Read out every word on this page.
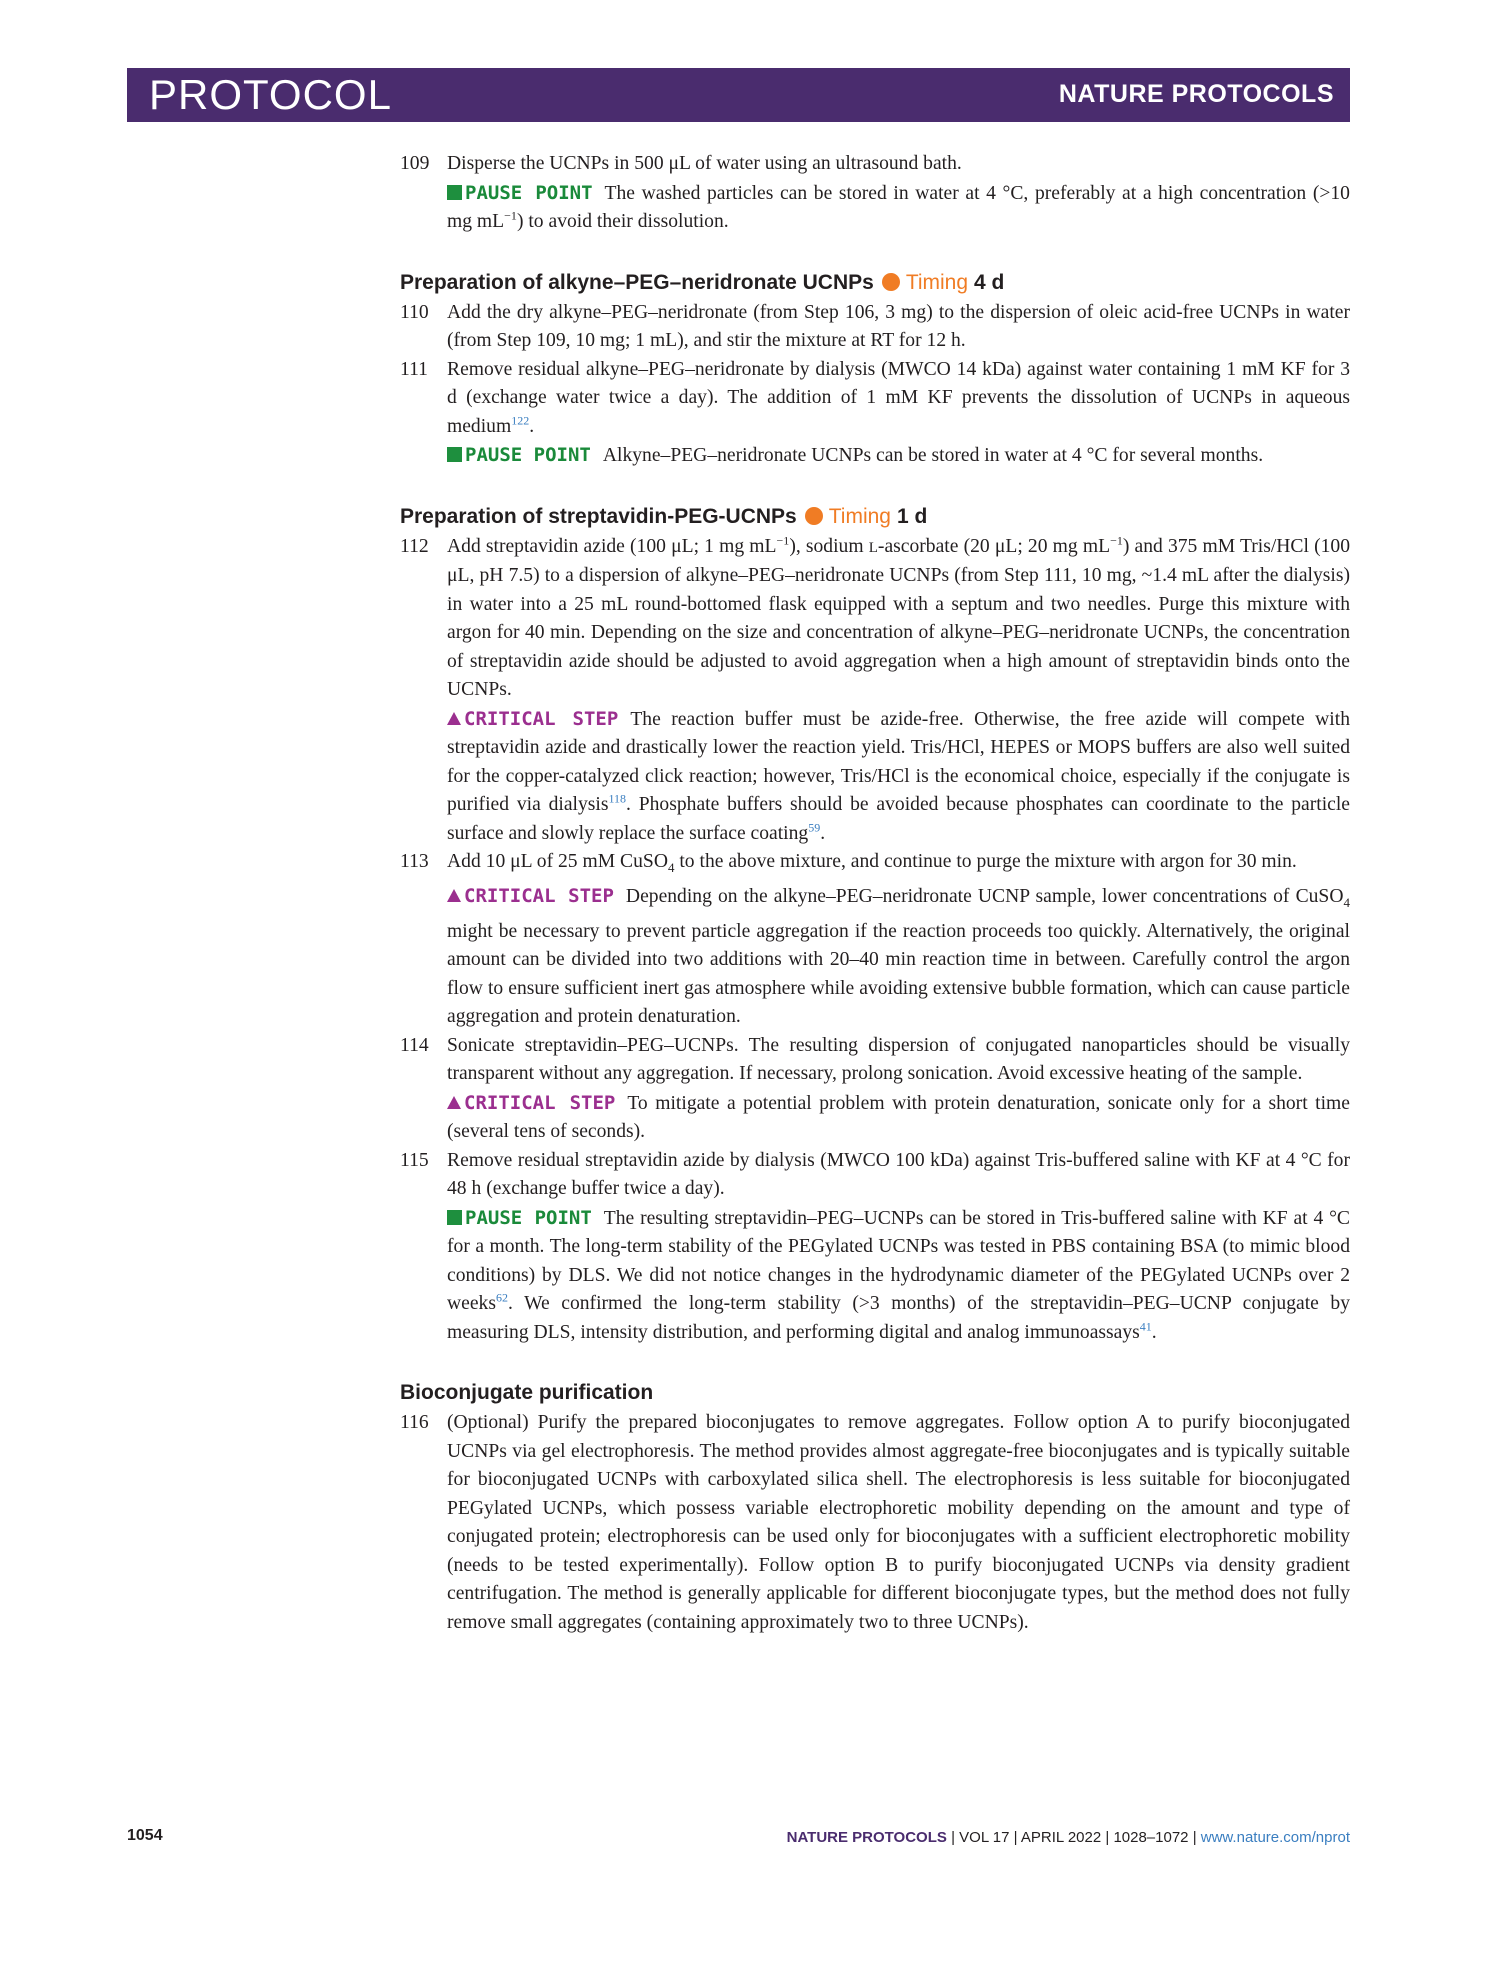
PROTOCOL	NATURE PROTOCOLS
109 Disperse the UCNPs in 500 μL of water using an ultrasound bath.
PAUSE POINT The washed particles can be stored in water at 4 °C, preferably at a high concentration (>10 mg $mL^{-1}$) to avoid their dissolution.
Preparation of alkyne–PEG–neridronate UCNPs Timing 4 d
110 Add the dry alkyne–PEG–neridronate (from Step 106, 3 mg) to the dispersion of oleic acid-free UCNPs in water (from Step 109, 10 mg; 1 mL), and stir the mixture at RT for 12 h.
111 Remove residual alkyne–PEG–neridronate by dialysis (MWCO 14 kDa) against water containing 1 mM KF for 3 d (exchange water twice a day). The addition of 1 mM KF prevents the dissolution of UCNPs in aqueous medium$^{122}$.
PAUSE POINT Alkyne–PEG–neridronate UCNPs can be stored in water at 4 °C for several months.
Preparation of streptavidin-PEG-UCNPs Timing 1 d
112 Add streptavidin azide (100 μL; 1 mg $mL^{-1}$), sodium L-ascorbate (20 μL; 20 mg $mL^{-1}$) and 375 mM Tris/HCl (100 μL, pH 7.5) to a dispersion of alkyne–PEG–neridronate UCNPs (from Step 111, 10 mg, ~1.4 mL after the dialysis) in water into a 25 mL round-bottomed flask equipped with a septum and two needles. Purge this mixture with argon for 40 min. Depending on the size and concentration of alkyne–PEG–neridronate UCNPs, the concentration of streptavidin azide should be adjusted to avoid aggregation when a high amount of streptavidin binds onto the UCNPs.
CRITICAL STEP The reaction buffer must be azide-free. Otherwise, the free azide will compete with streptavidin azide and drastically lower the reaction yield. Tris/HCl, HEPES or MOPS buffers are also well suited for the copper-catalyzed click reaction; however, Tris/HCl is the economical choice, especially if the conjugate is purified via dialysis$^{118}$. Phosphate buffers should be avoided because phosphates can coordinate to the particle surface and slowly replace the surface coating$^{59}$.
113 Add 10 μL of 25 mM CuSO$_4$ to the above mixture, and continue to purge the mixture with argon for 30 min.
CRITICAL STEP Depending on the alkyne–PEG–neridronate UCNP sample, lower concentrations of CuSO$_4$ might be necessary to prevent particle aggregation if the reaction proceeds too quickly. Alternatively, the original amount can be divided into two additions with 20–40 min reaction time in between. Carefully control the argon flow to ensure sufficient inert gas atmosphere while avoiding extensive bubble formation, which can cause particle aggregation and protein denaturation.
114 Sonicate streptavidin–PEG–UCNPs. The resulting dispersion of conjugated nanoparticles should be visually transparent without any aggregation. If necessary, prolong sonication. Avoid excessive heating of the sample.
CRITICAL STEP To mitigate a potential problem with protein denaturation, sonicate only for a short time (several tens of seconds).
115 Remove residual streptavidin azide by dialysis (MWCO 100 kDa) against Tris-buffered saline with KF at 4 °C for 48 h (exchange buffer twice a day).
PAUSE POINT The resulting streptavidin–PEG–UCNPs can be stored in Tris-buffered saline with KF at 4 °C for a month. The long-term stability of the PEGylated UCNPs was tested in PBS containing BSA (to mimic blood conditions) by DLS. We did not notice changes in the hydrodynamic diameter of the PEGylated UCNPs over 2 weeks$^{62}$. We confirmed the long-term stability (>3 months) of the streptavidin–PEG–UCNP conjugate by measuring DLS, intensity distribution, and performing digital and analog immunoassays$^{41}$.
Bioconjugate purification
116 (Optional) Purify the prepared bioconjugates to remove aggregates. Follow option A to purify bioconjugated UCNPs via gel electrophoresis. The method provides almost aggregate-free bioconjugates and is typically suitable for bioconjugated UCNPs with carboxylated silica shell. The electrophoresis is less suitable for bioconjugated PEGylated UCNPs, which possess variable electrophoretic mobility depending on the amount and type of conjugated protein; electrophoresis can be used only for bioconjugates with a sufficient electrophoretic mobility (needs to be tested experimentally). Follow option B to purify bioconjugated UCNPs via density gradient centrifugation. The method is generally applicable for different bioconjugate types, but the method does not fully remove small aggregates (containing approximately two to three UCNPs).
1054	NATURE PROTOCOLS | VOL 17 | APRIL 2022 | 1028–1072 | www.nature.com/nprot
